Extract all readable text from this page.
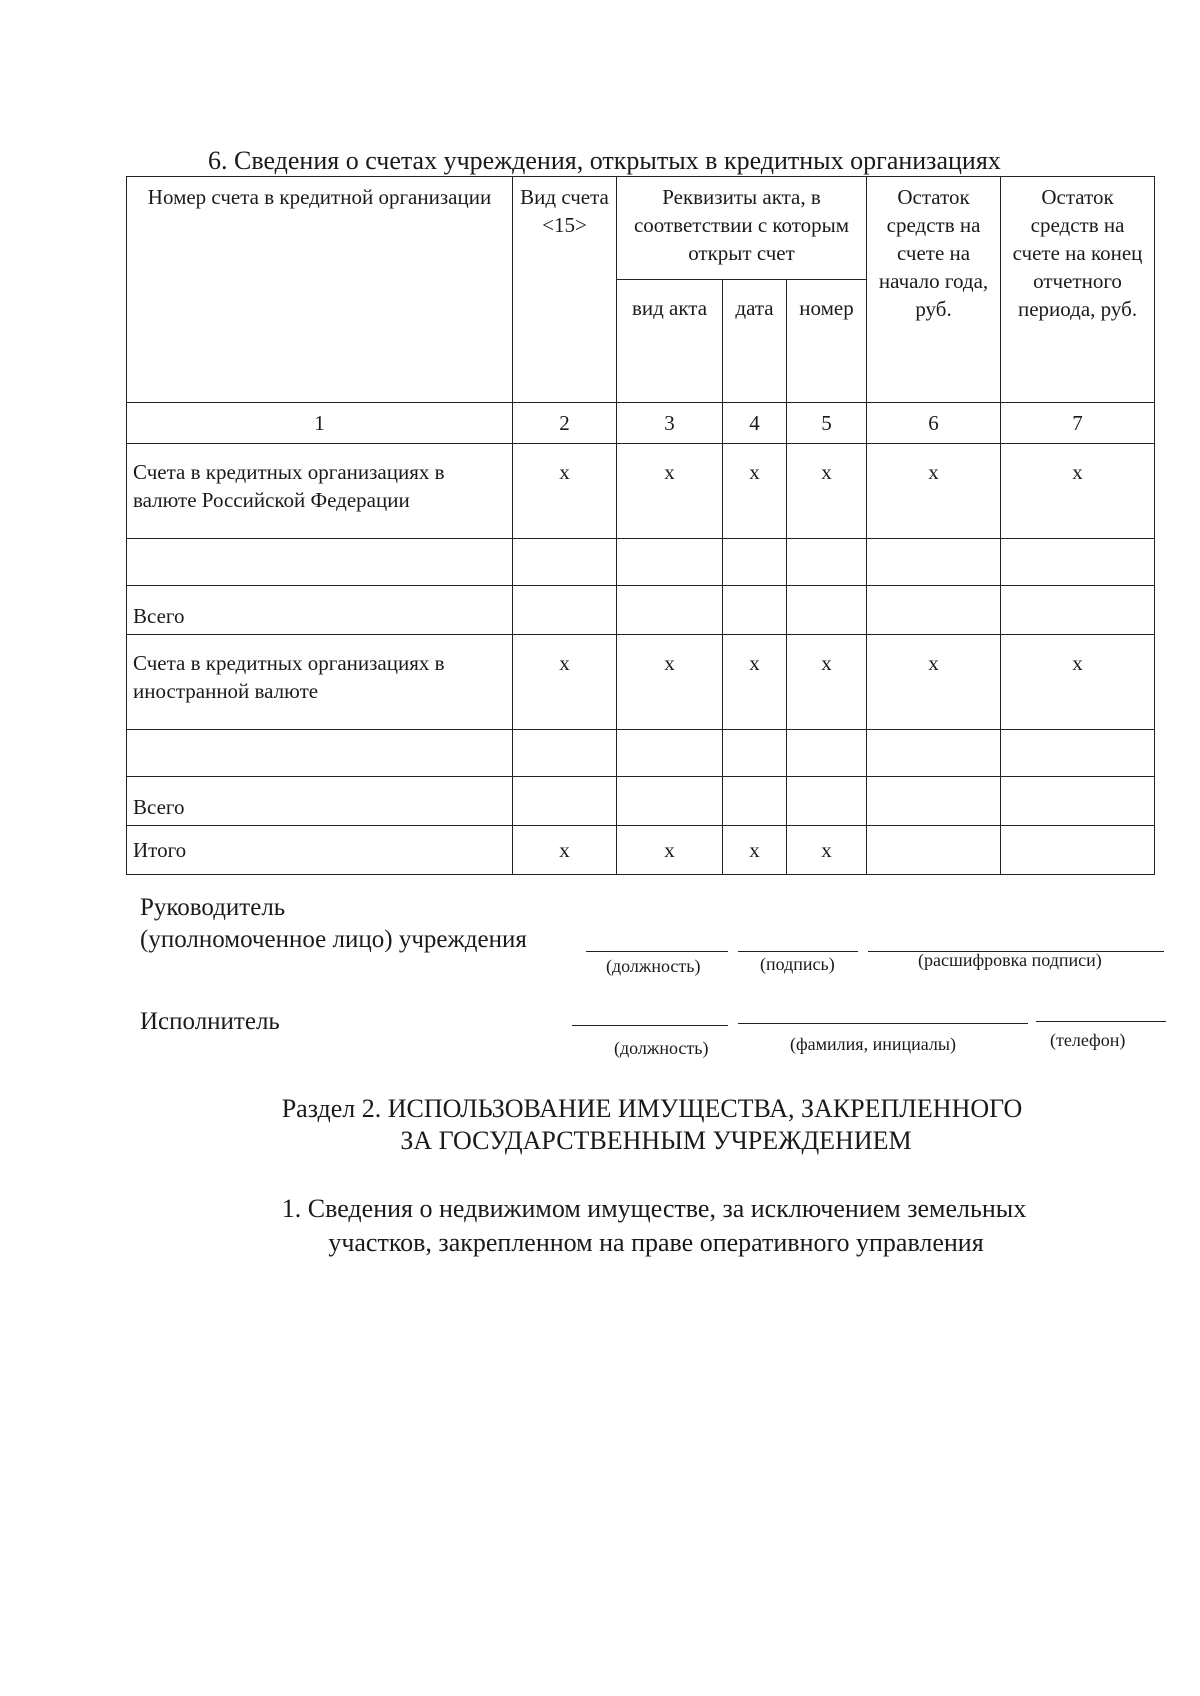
6. Сведения о счетах учреждения, открытых в кредитных организациях
Номер счета в кредитной организации	Вид счета <15>	Реквизиты акта, в соответствии с которым открыт счет			Остаток средств на счете на начало года, руб.	Остаток средств на счете на конец отчетного периода, руб.
		вид акта	дата	номер		
1	2	3	4	5	6	7
Счета в кредитных организациях в валюте Российской Федерации	x	x	x	x	x	x

Всего						
Счета в кредитных организациях в иностранной валюте	x	x	x	x	x	x

Всего						
Итого	x	x	x	x		
Руководитель
(уполномоченное лицо) учреждения
(должность)	(подпись)	(расшифровка подписи)
Исполнитель
(должность)	(фамилия, инициалы)	(телефон)
Раздел 2. ИСПОЛЬЗОВАНИЕ ИМУЩЕСТВА, ЗАКРЕПЛЕННОГО
ЗА ГОСУДАРСТВЕННЫМ УЧРЕЖДЕНИЕМ
1. Сведения о недвижимом имуществе, за исключением земельных
участков, закрепленном на праве оперативного управления
